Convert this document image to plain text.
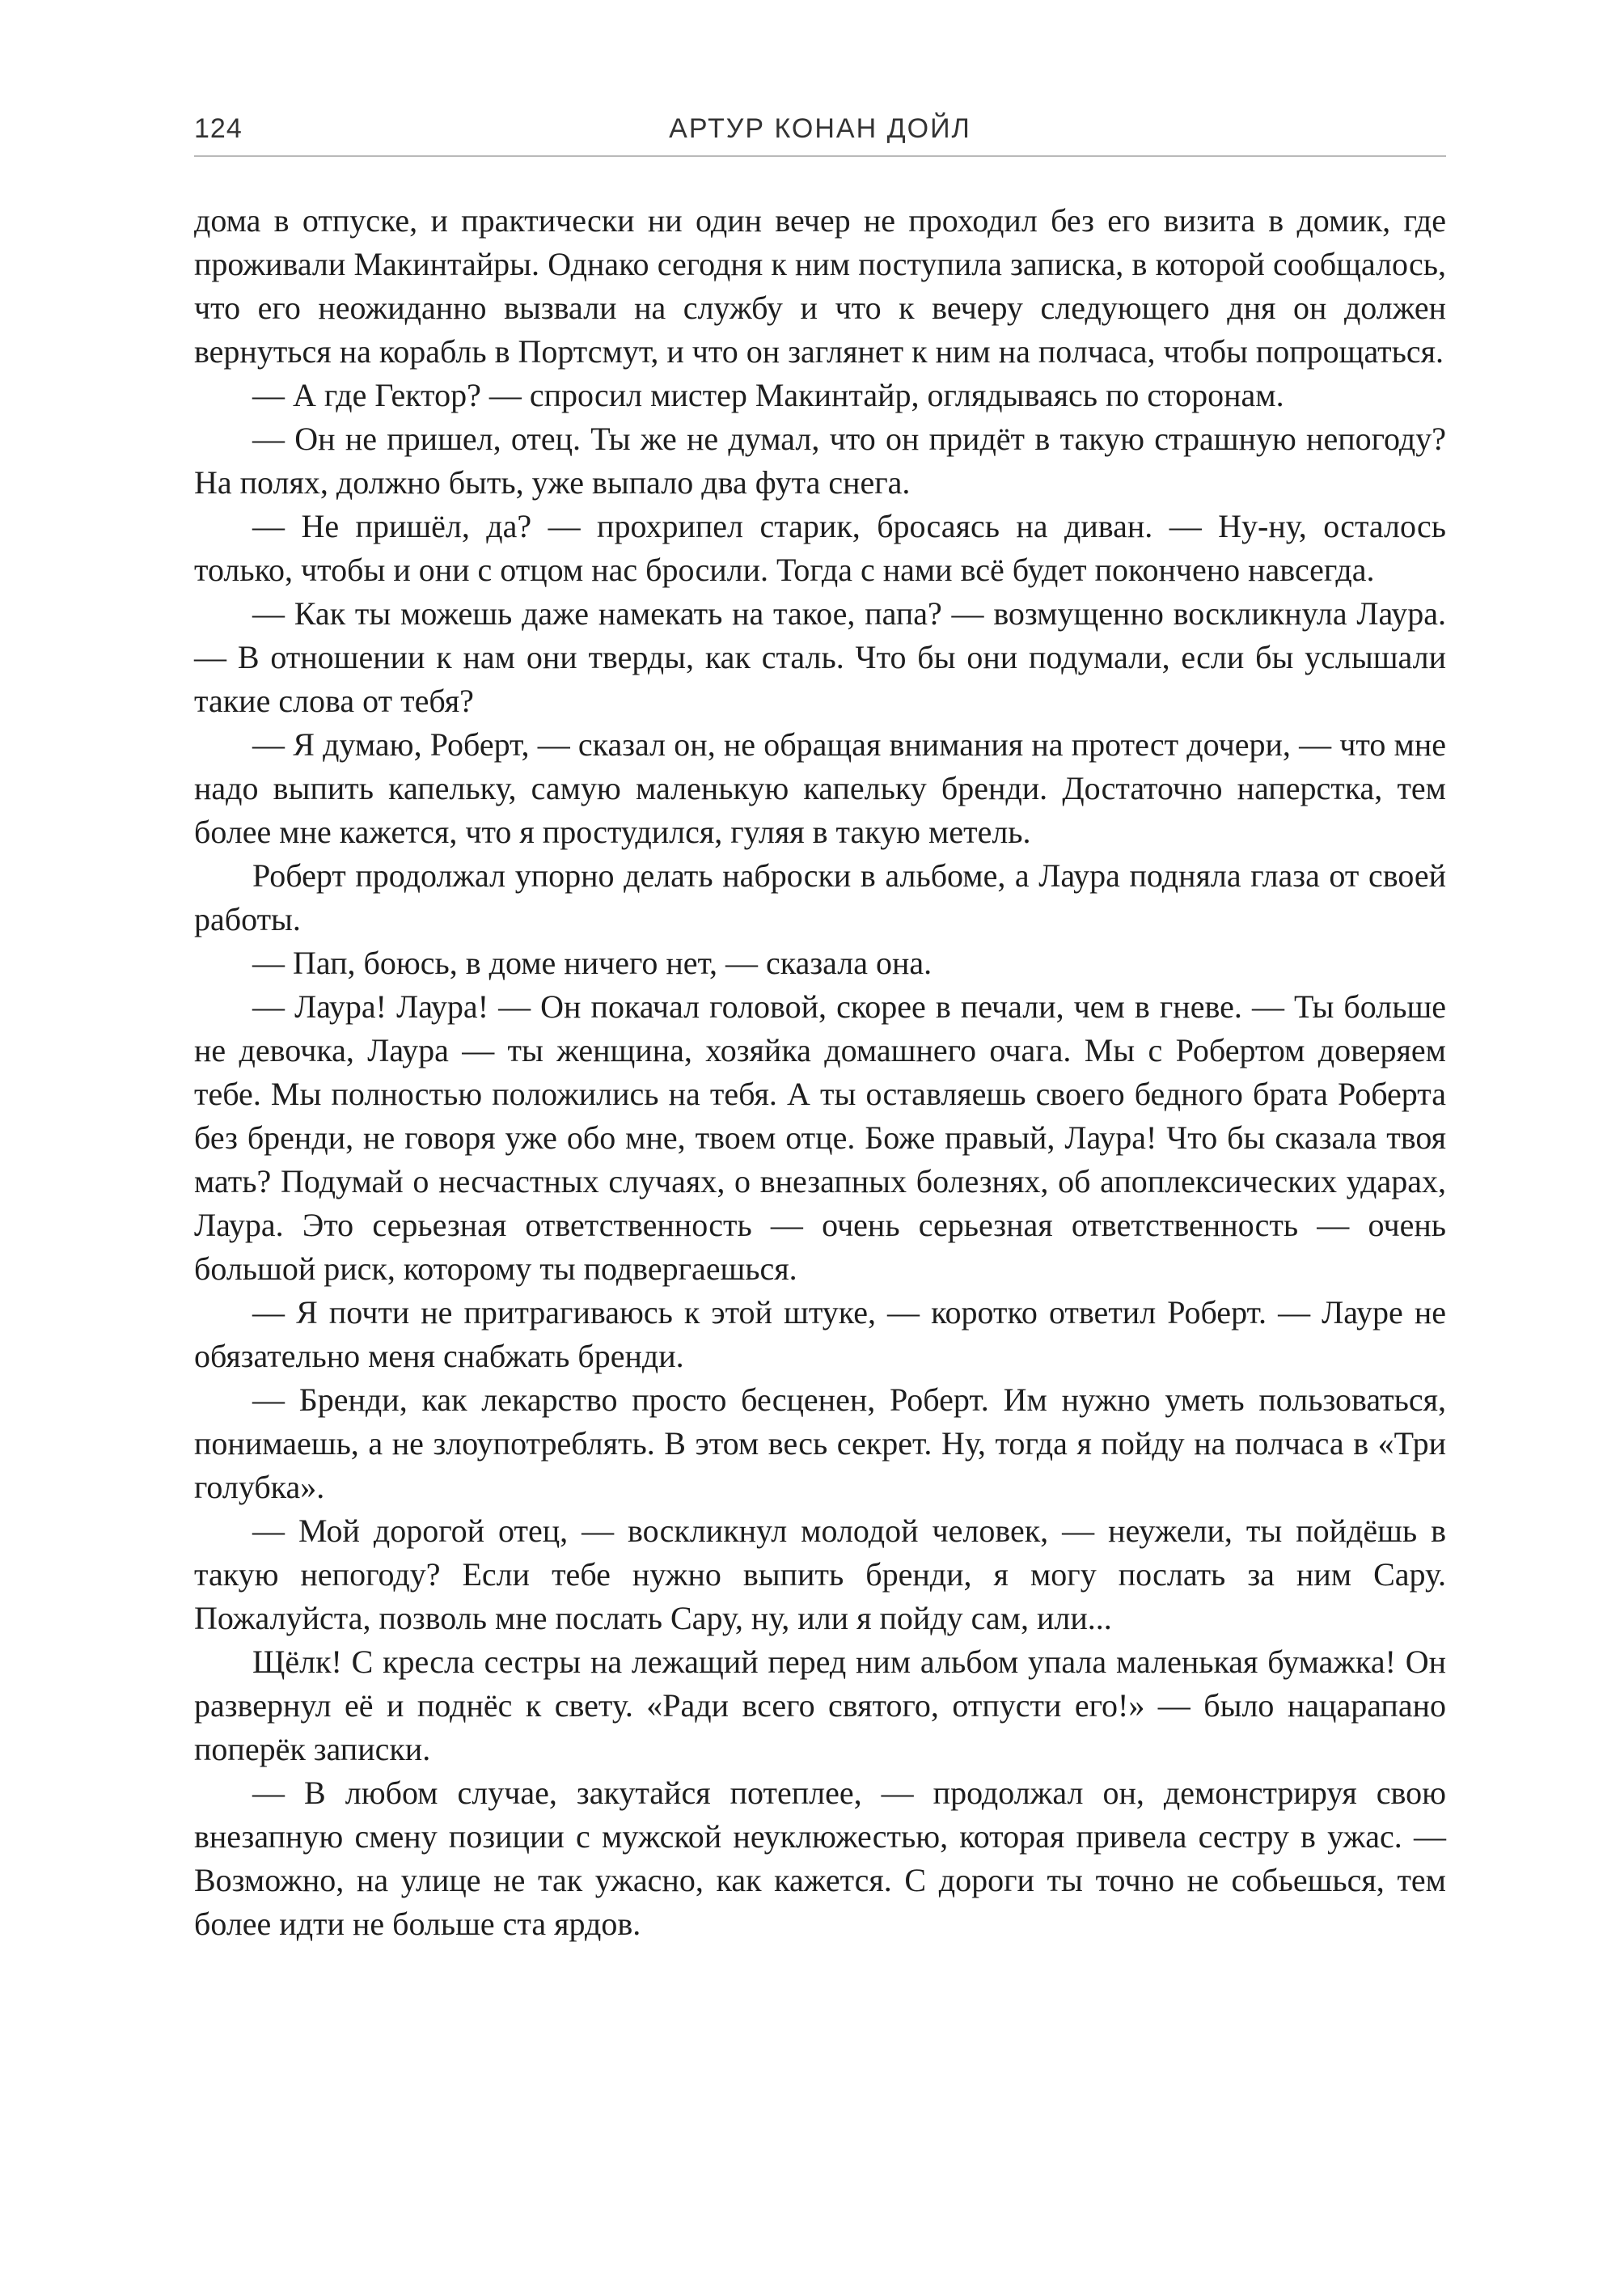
124	АРТУР КОНАН ДОЙЛ

дома в отпуске, и практически ни один вечер не проходил без его визита в домик, где проживали Макинтайры. Однако сегодня к ним поступила записка, в которой сообщалось, что его неожиданно вызвали на службу и что к вечеру следующего дня он должен вернуться на корабль в Портсмут, и что он заглянет к ним на полчаса, чтобы попрощаться.

— А где Гектор? — спросил мистер Макинтайр, оглядываясь по сторонам.

— Он не пришел, отец. Ты же не думал, что он придёт в такую страшную непогоду? На полях, должно быть, уже выпало два фута снега.

— Не пришёл, да? — прохрипел старик, бросаясь на диван. — Ну-ну, осталось только, чтобы и они с отцом нас бросили. Тогда с нами всё будет покончено навсегда.

— Как ты можешь даже намекать на такое, папа? — возмущенно воскликнула Лаура. — В отношении к нам они тверды, как сталь. Что бы они подумали, если бы услышали такие слова от тебя?

— Я думаю, Роберт, — сказал он, не обращая внимания на протест дочери, — что мне надо выпить капельку, самую маленькую капельку бренди. Достаточно наперстка, тем более мне кажется, что я простудился, гуляя в такую метель.

Роберт продолжал упорно делать наброски в альбоме, а Лаура подняла глаза от своей работы.

— Пап, боюсь, в доме ничего нет, — сказала она.

— Лаура! Лаура! — Он покачал головой, скорее в печали, чем в гневе. — Ты больше не девочка, Лаура — ты женщина, хозяйка домашнего очага. Мы с Робертом доверяем тебе. Мы полностью положились на тебя. А ты оставляешь своего бедного брата Роберта без бренди, не говоря уже обо мне, твоем отце. Боже правый, Лаура! Что бы сказала твоя мать? Подумай о несчастных случаях, о внезапных болезнях, об апоплексических ударах, Лаура. Это серьезная ответственность — очень серьезная ответственность — очень большой риск, которому ты подвергаешься.

— Я почти не притрагиваюсь к этой штуке, — коротко ответил Роберт. — Лауре не обязательно меня снабжать бренди.

— Бренди, как лекарство просто бесценен, Роберт. Им нужно уметь пользоваться, понимаешь, а не злоупотреблять. В этом весь секрет. Ну, тогда я пойду на полчаса в «Три голубка».

— Мой дорогой отец, — воскликнул молодой человек, — неужели, ты пойдёшь в такую непогоду? Если тебе нужно выпить бренди, я могу послать за ним Сару. Пожалуйста, позволь мне послать Сару, ну, или я пойду сам, или...

Щёлк! С кресла сестры на лежащий перед ним альбом упала маленькая бумажка! Он развернул её и поднёс к свету. «Ради всего святого, отпусти его!» — было нацарапано поперёк записки.

— В любом случае, закутайся потеплее, — продолжал он, демонстрируя свою внезапную смену позиции с мужской неуклюжестью, которая привела сестру в ужас. — Возможно, на улице не так ужасно, как кажется. С дороги ты точно не собьешься, тем более идти не больше ста ярдов.
